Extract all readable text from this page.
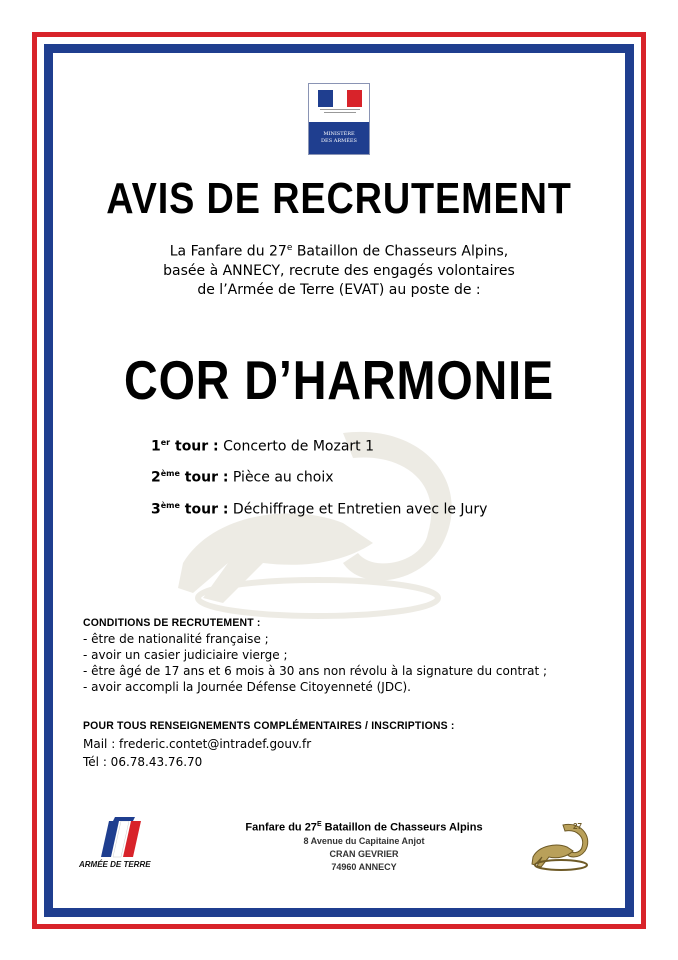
MINISTÈRE
DES ARMÉES
AVIS DE RECRUTEMENT
La Fanfare du 27e Bataillon de Chasseurs Alpins,
basée à ANNECY, recrute des engagés volontaires
de l’Armée de Terre (EVAT) au poste de :
COR D’HARMONIE
1er tour : Concerto de Mozart 1
2ème tour : Pièce au choix
3ème tour : Déchiffrage et Entretien avec le Jury
CONDITIONS DE RECRUTEMENT :
- être de nationalité française ;
- avoir un casier judiciaire vierge ;
- être âgé de 17 ans et 6 mois à 30 ans non révolu à la signature du contrat ;
- avoir accompli la Journée Défense Citoyenneté (JDC).
POUR TOUS RENSEIGNEMENTS COMPLÉMENTAIRES / INSCRIPTIONS :
Mail : frederic.contet@intradef.gouv.fr
Tél : 06.78.43.76.70
ARMÉE DE TERRE
Fanfare du $27^E$ Bataillon de Chasseurs Alpins
8 Avenue du Capitaine Anjot
CRAN GEVRIER
74960 ANNECY
27
